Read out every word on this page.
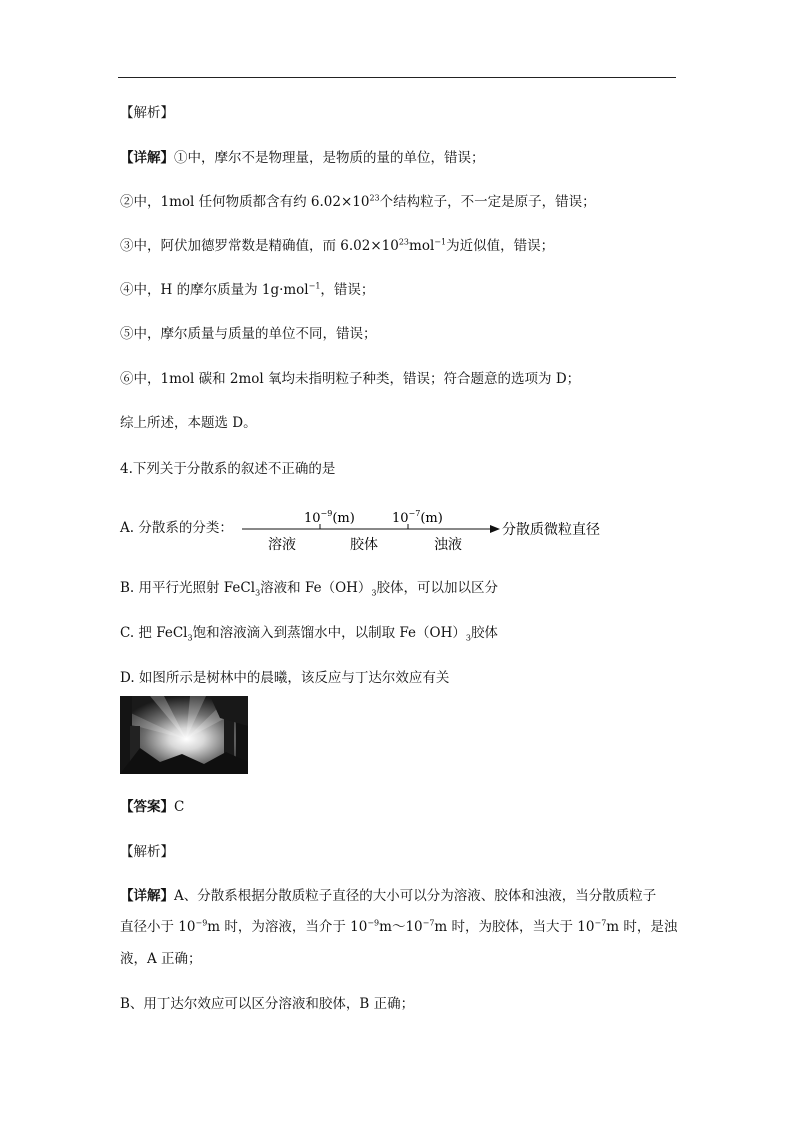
【解析】
【详解】①中，摩尔不是物理量，是物质的量的单位，错误；
②中，1mol 任何物质都含有约 $6.02\times 10^{23}$个结构粒子，不一定是原子，错误；
③中，阿伏加德罗常数是精确值，而 $6.02\times 10^{23}mol^{-1}$为近似值，错误；
④中，H 的摩尔质量为 1g·mol$^{-1}$，错误；
⑤中，摩尔质量与质量的单位不同，错误；
⑥中，1mol 碳和 2mol 氧均未指明粒子种类，错误；符合题意的选项为 D；
综上所述，本题选 D。
4.下列关于分散系的叙述不正确的是
A. 分散系的分类：
$10^{-9}(m)$	$10^{-7}(m)$
溶液	胶体	浊液
分散质微粒直径
B. 用平行光照射 FeCl$_3$溶液和 $Fe(OH)_3$胶体，可以加以区分
C. 把 FeCl$_3$饱和溶液滴入到蒸馏水中，以制取 $Fe(OH)_3$胶体
D. 如图所示是树林中的晨曦，该反应与丁达尔效应有关
【答案】C
【解析】
【详解】A、分散系根据分散质粒子直径的大小可以分为溶液、胶体和浊液，当分散质粒子
直径小于 $10^{-9}m$ 时，为溶液，当介于 $10^{-9}m\sim 10^{-7}m$ 时，为胶体，当大于 $10^{-7}m$ 时，是浊
液，A 正确；
B、用丁达尔效应可以区分溶液和胶体，B 正确；
